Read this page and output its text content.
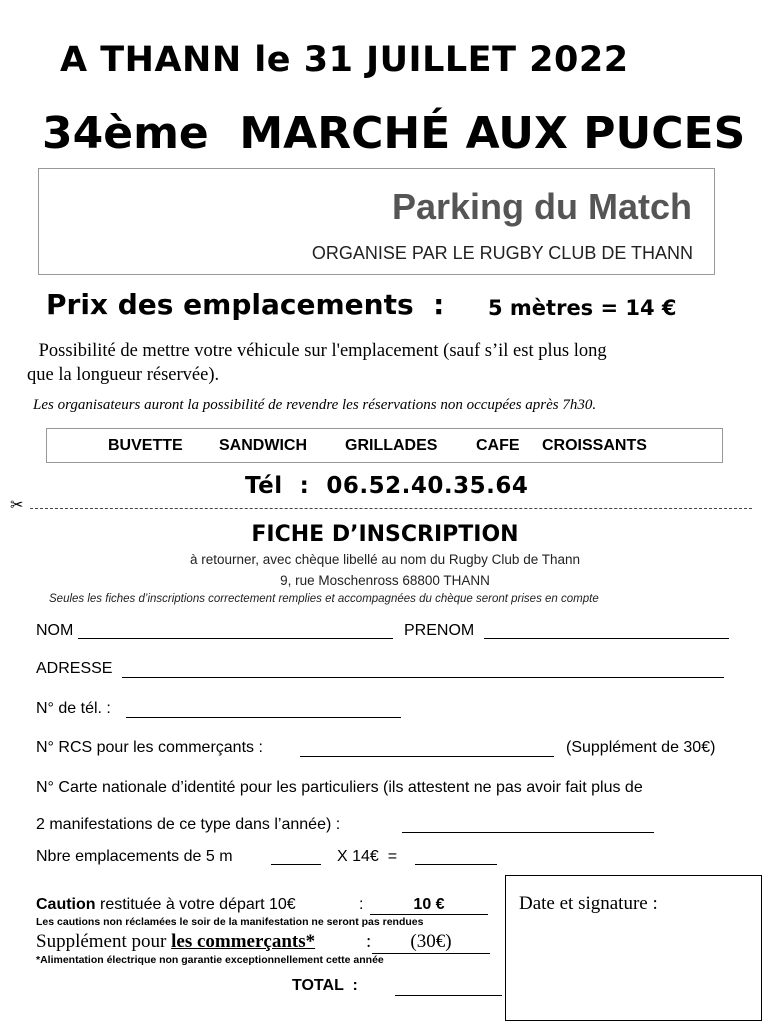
A THANN le 31 JUILLET 2022
34ème  MARCHÉ AUX PUCES
Parking du Match
ORGANISE PAR LE RUGBY CLUB DE THANN
Prix des emplacements  : 5 mètres = 14 €
Possibilité de mettre votre véhicule sur l'emplacement (sauf s’il est plus long
que la longueur réservée).
Les organisateurs auront la possibilité de revendre les réservations non occupées après 7h30.
BUVETTE SANDWICH GRILLADES CAFE CROISSANTS
Tél  :  06.52.40.35.64
✂
FICHE D’INSCRIPTION
à retourner, avec chèque libellé au nom du Rugby Club de Thann
9, rue Moschenross 68800 THANN
Seules les fiches d’inscriptions correctement remplies et accompagnées du chèque seront prises en compte
NOM	PRENOM
ADRESSE
N° de tél. :
N° RCS pour les commerçants :	(Supplément de 30€)
N° Carte nationale d’identité pour les particuliers (ils attestent ne pas avoir fait plus de
2 manifestations de ce type dans l’année) :
Nbre emplacements de 5 m	X 14€  =
Caution restituée à votre départ 10€	:	10 €
Les cautions non réclamées le soir de la manifestation ne seront pas rendues
Supplément pour les commerçants*	:	(30€)
*Alimentation électrique non garantie exceptionnellement cette année
TOTAL  :
Date et signature :
